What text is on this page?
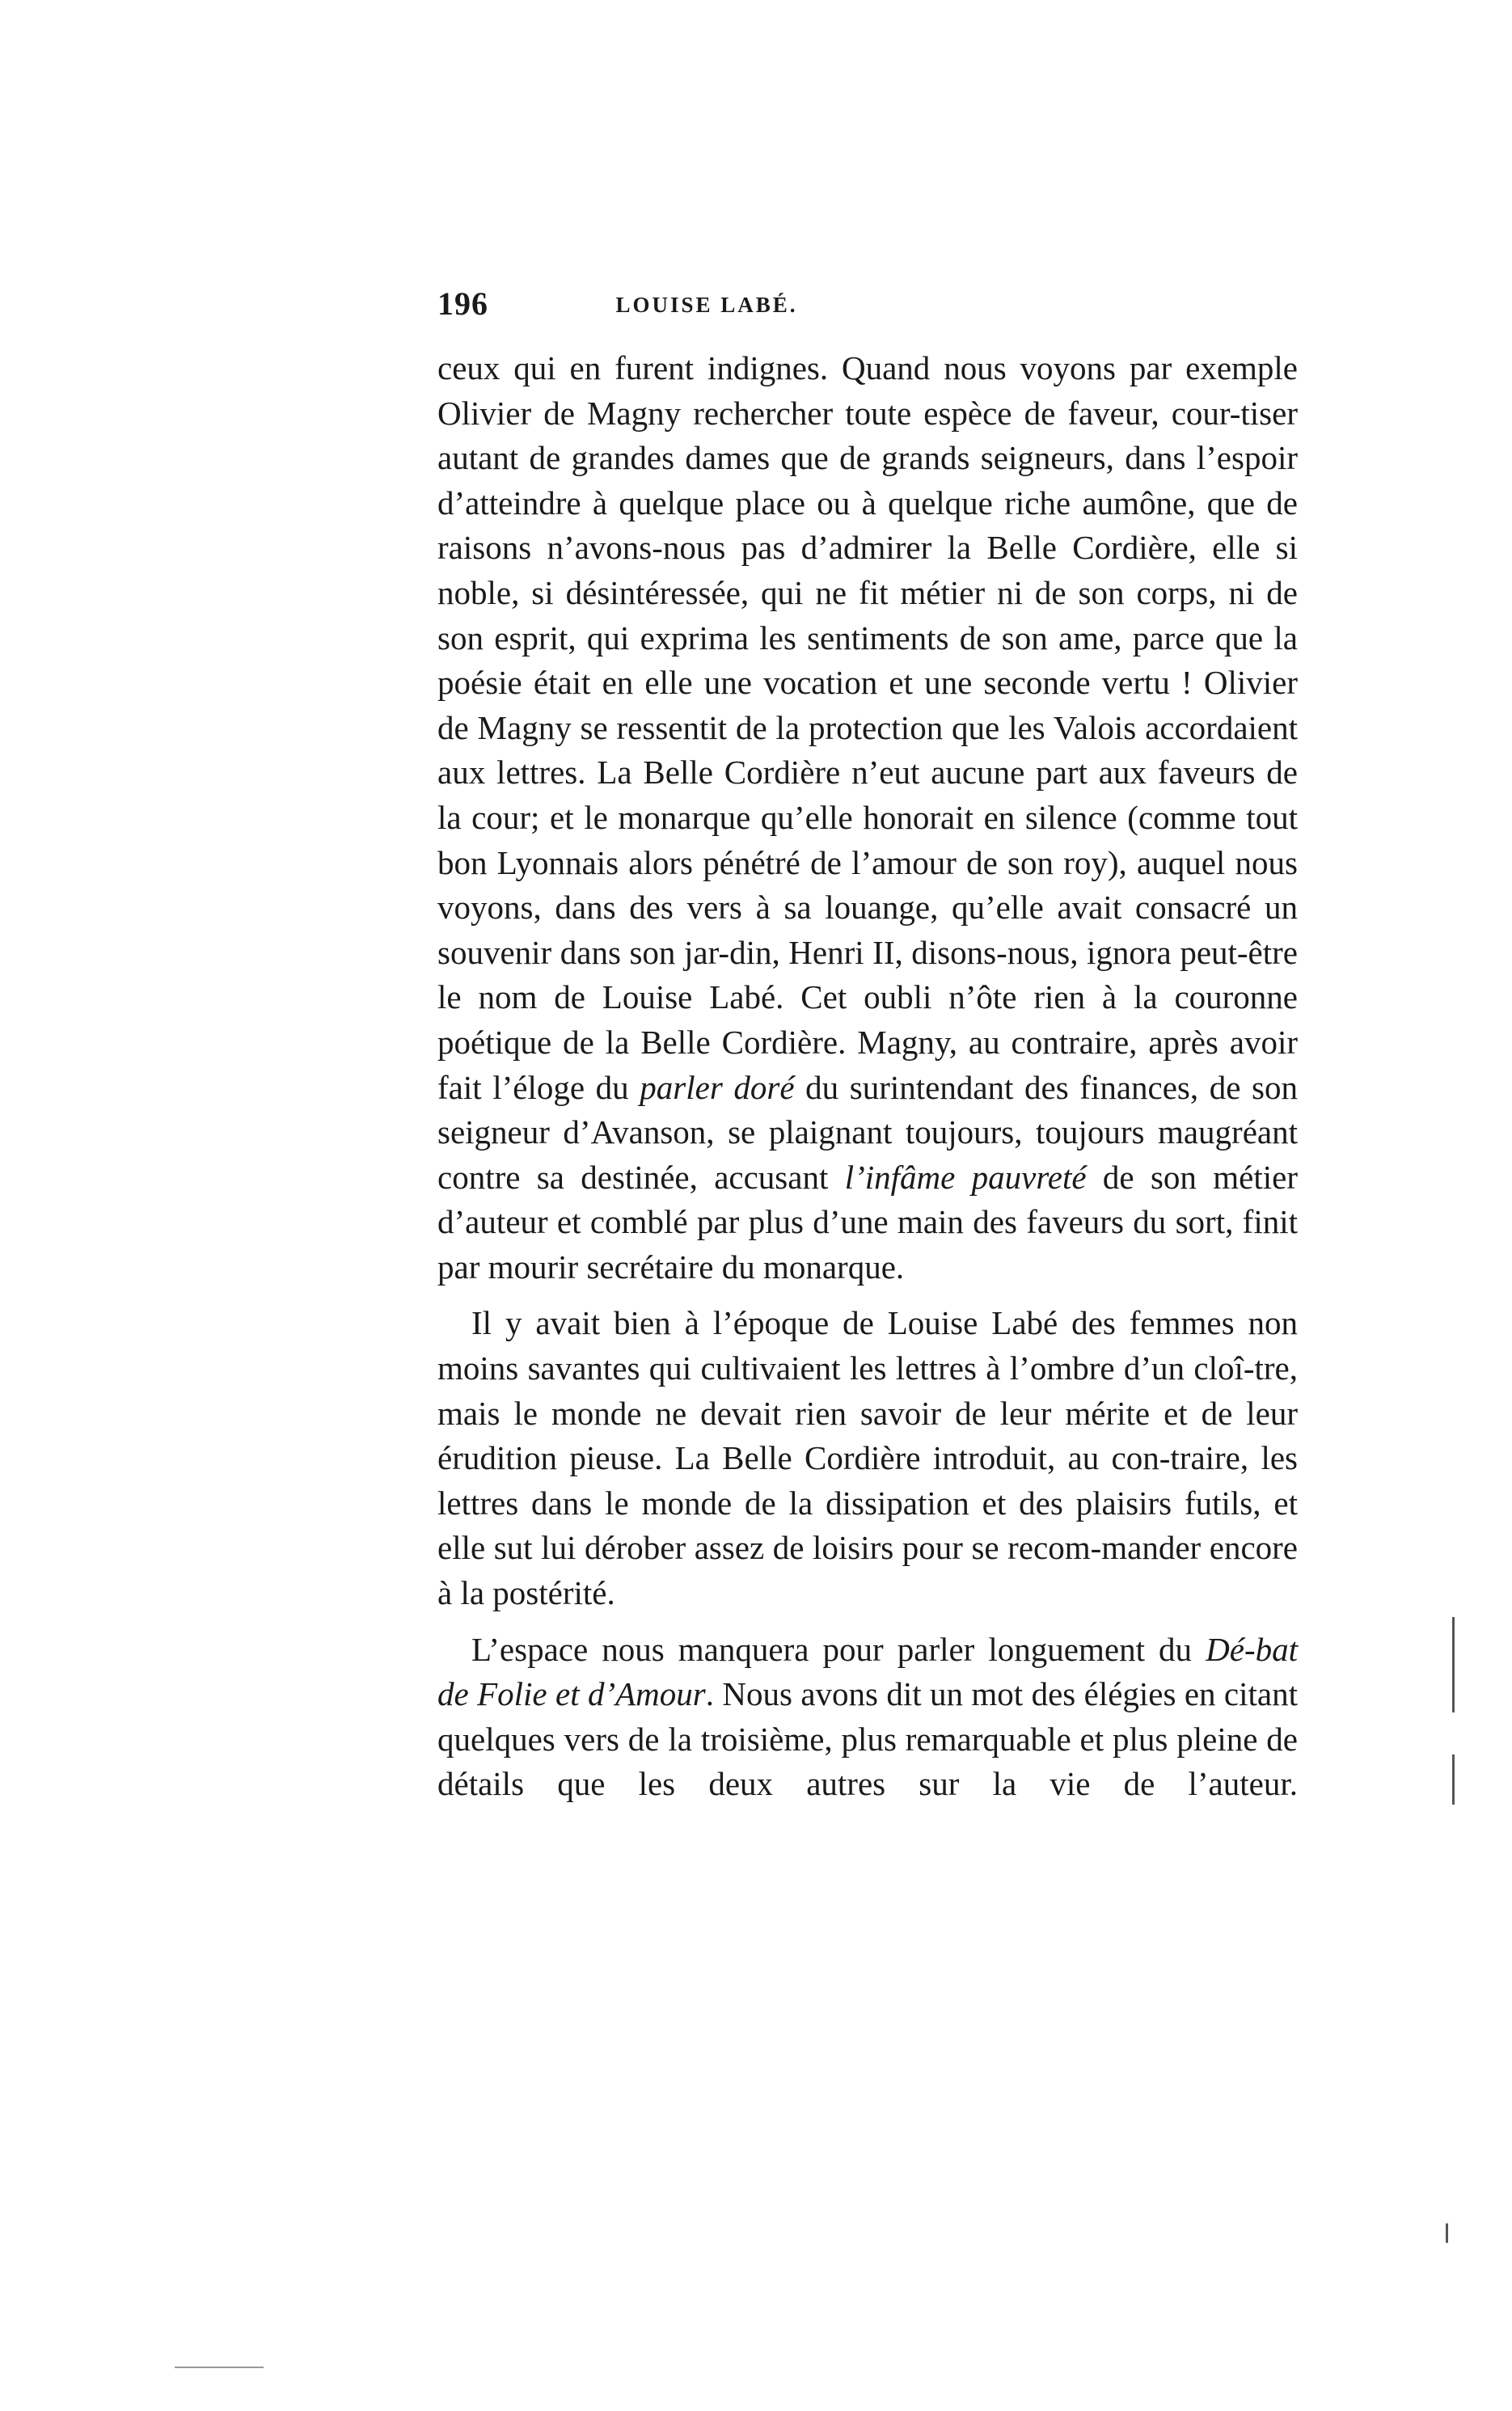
196	LOUISE LABÉ.

ceux qui en furent indignes. Quand nous voyons par exemple Olivier de Magny rechercher toute espèce de faveur, cour-tiser autant de grandes dames que de grands seigneurs, dans l’espoir d’atteindre à quelque place ou à quelque riche aumône, que de raisons n’avons-nous pas d’admirer la Belle Cordière, elle si noble, si désintéressée, qui ne fit métier ni de son corps, ni de son esprit, qui exprima les sentiments de son ame, parce que la poésie était en elle une vocation et une seconde vertu ! Olivier de Magny se ressentit de la protection que les Valois accordaient aux lettres. La Belle Cordière n’eut aucune part aux faveurs de la cour; et le monarque qu’elle honorait en silence (comme tout bon Lyonnais alors pénétré de l’amour de son roy), auquel nous voyons, dans des vers à sa louange, qu’elle avait consacré un souvenir dans son jar-din, Henri II, disons-nous, ignora peut-être le nom de Louise Labé. Cet oubli n’ôte rien à la couronne poétique de la Belle Cordière. Magny, au contraire, après avoir fait l’éloge du parler doré du surintendant des finances, de son seigneur d’Avanson, se plaignant toujours, toujours maugréant contre sa destinée, accusant l’infâme pauvreté de son métier d’auteur et comblé par plus d’une main des faveurs du sort, finit par mourir secrétaire du monarque.

Il y avait bien à l’époque de Louise Labé des femmes non moins savantes qui cultivaient les lettres à l’ombre d’un cloî-tre, mais le monde ne devait rien savoir de leur mérite et de leur érudition pieuse. La Belle Cordière introduit, au con-traire, les lettres dans le monde de la dissipation et des plaisirs futils, et elle sut lui dérober assez de loisirs pour se recom-mander encore à la postérité.

L’espace nous manquera pour parler longuement du Dé-bat de Folie et d’Amour. Nous avons dit un mot des élégies en citant quelques vers de la troisième, plus remarquable et plus pleine de détails que les deux autres sur la vie de l’auteur.
